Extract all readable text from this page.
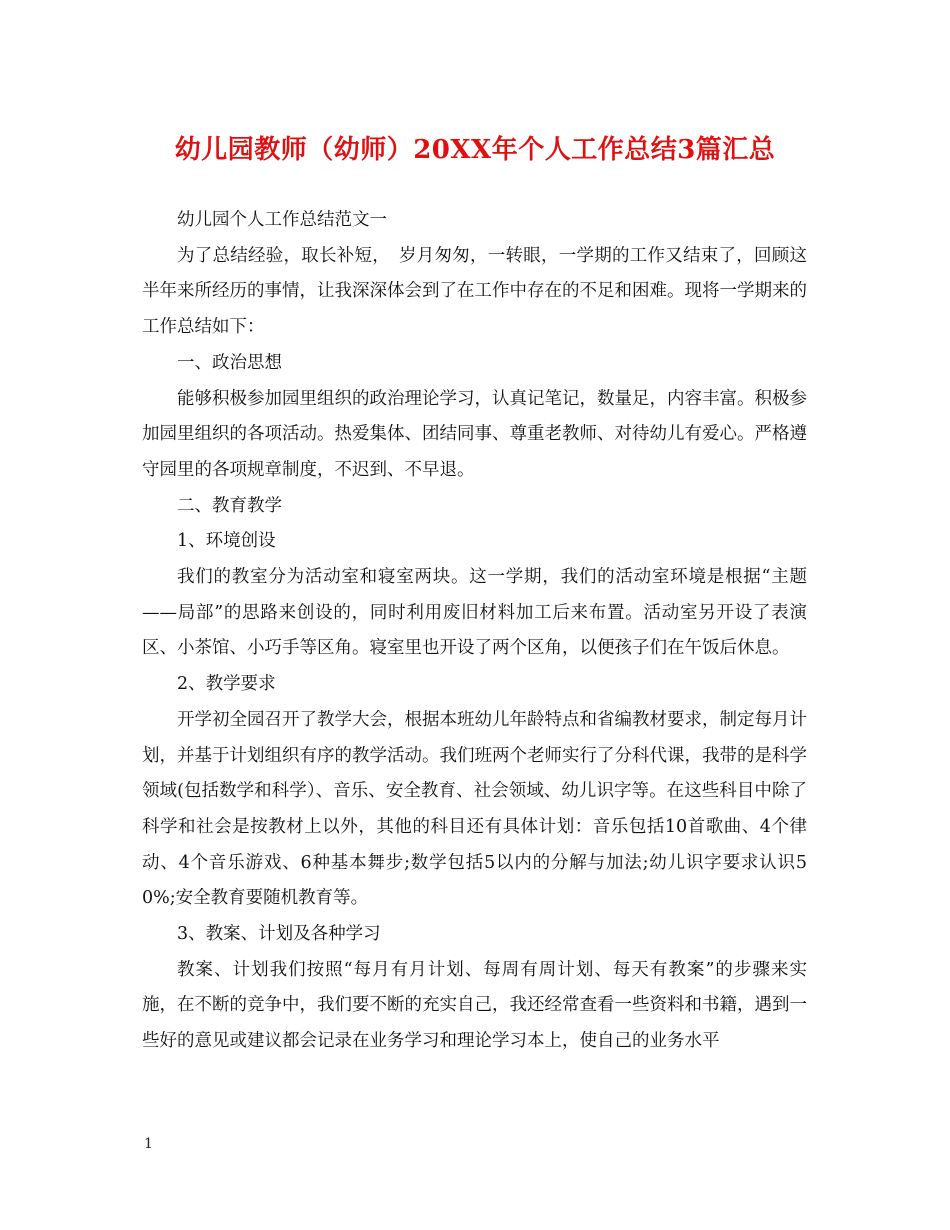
幼儿园教师（幼师）20XX年个人工作总结3篇汇总

幼儿园个人工作总结范文一

为了总结经验，取长补短，　岁月匆匆，一转眼，一学期的工作又结束了，回顾这半年来所经历的事情，让我深深体会到了在工作中存在的不足和困难。现将一学期来的工作总结如下：

一、政治思想

能够积极参加园里组织的政治理论学习，认真记笔记，数量足，内容丰富。积极参加园里组织的各项活动。热爱集体、团结同事、尊重老教师、对待幼儿有爱心。严格遵守园里的各项规章制度，不迟到、不早退。

二、教育教学

1、环境创设

我们的教室分为活动室和寝室两块。这一学期，我们的活动室环境是根据“主题——局部”的思路来创设的，同时利用废旧材料加工后来布置。活动室另开设了表演区、小茶馆、小巧手等区角。寝室里也开设了两个区角，以便孩子们在午饭后休息。

2、教学要求

开学初全园召开了教学大会，根据本班幼儿年龄特点和省编教材要求，制定每月计划，并基于计划组织有序的教学活动。我们班两个老师实行了分科代课，我带的是科学领域(包括数学和科学）、音乐、安全教育、社会领域、幼儿识字等。在这些科目中除了科学和社会是按教材上以外，其他的科目还有具体计划：音乐包括10首歌曲、4个律动、4个音乐游戏、6种基本舞步;数学包括5以内的分解与加法;幼儿识字要求认识50%;安全教育要随机教育等。

3、教案、计划及各种学习

教案、计划我们按照“每月有月计划、每周有周计划、每天有教案”的步骤来实施，在不断的竞争中，我们要不断的充实自己，我还经常查看一些资料和书籍，遇到一些好的意见或建议都会记录在业务学习和理论学习本上，使自己的业务水平

1
